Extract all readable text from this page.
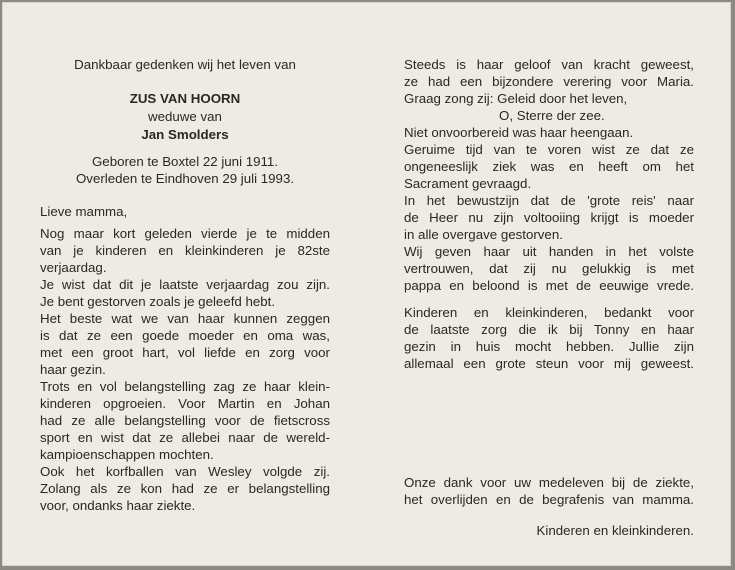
Dankbaar gedenken wij het leven van
ZUS VAN HOORN
weduwe van
Jan Smolders
Geboren te Boxtel 22 juni 1911.
Overleden te Eindhoven 29 juli 1993.
Lieve mamma,
Nog maar kort geleden vierde je te midden
van je kinderen en kleinkinderen je 82ste
verjaardag.
Je wist dat dit je laatste verjaardag zou zijn.
Je bent gestorven zoals je geleefd hebt.
Het beste wat we van haar kunnen zeggen
is dat ze een goede moeder en oma was,
met een groot hart, vol liefde en zorg voor
haar gezin.
Trots en vol belangstelling zag ze haar klein-
kinderen opgroeien. Voor Martin en Johan
had ze alle belangstelling voor de fietscross
sport en wist dat ze allebei naar de wereld-
kampioenschappen mochten.
Ook het korfballen van Wesley volgde zij.
Zolang als ze kon had ze er belangstelling
voor, ondanks haar ziekte.
Steeds is haar geloof van kracht geweest,
ze had een bijzondere verering voor Maria.
Graag zong zij: Geleid door het leven,
O, Sterre der zee.
Niet onvoorbereid was haar heengaan.
Geruime tijd van te voren wist ze dat ze
ongeneeslijk ziek was en heeft om het
Sacrament gevraagd.
In het bewustzijn dat de 'grote reis' naar
de Heer nu zijn voltooiing krijgt is moeder
in alle overgave gestorven.
Wij geven haar uit handen in het volste
vertrouwen, dat zij nu gelukkig is met
pappa en beloond is met de eeuwige vrede.
Kinderen en kleinkinderen, bedankt voor
de laatste zorg die ik bij Tonny en haar
gezin in huis mocht hebben. Jullie zijn
allemaal een grote steun voor mij geweest.
Onze dank voor uw medeleven bij de ziekte,
het overlijden en de begrafenis van mamma.
Kinderen en kleinkinderen.
